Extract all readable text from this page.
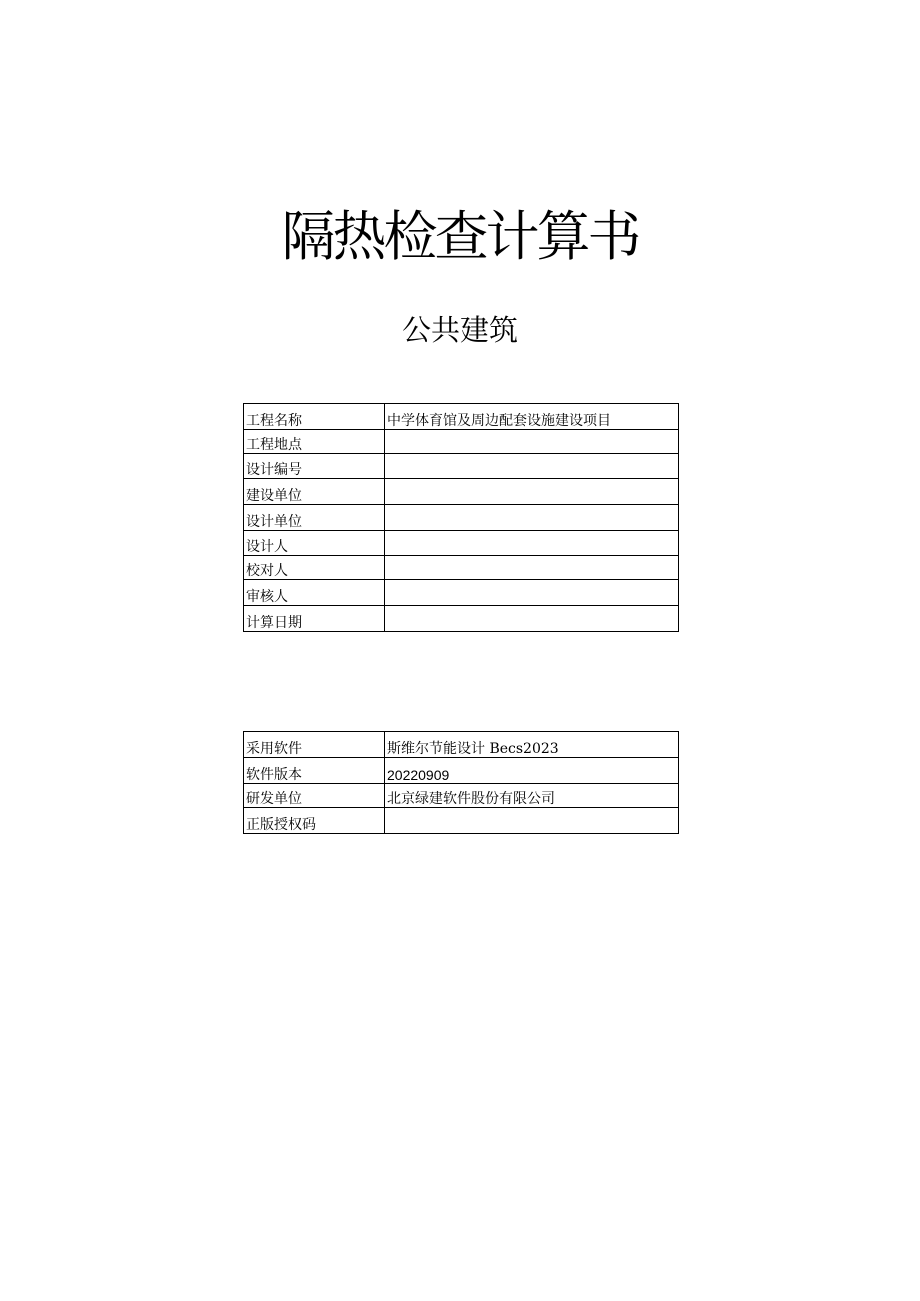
隔热检查计算书
公共建筑
工程名称	中学体育馆及周边配套设施建设项目
工程地点	
设计编号	
建设单位	
设计单位	
设计人	
校对人	
审核人	
计算日期	
采用软件	斯维尔节能设计 Becs2023
软件版本	20220909
研发单位	北京绿建软件股份有限公司
正版授权码	
